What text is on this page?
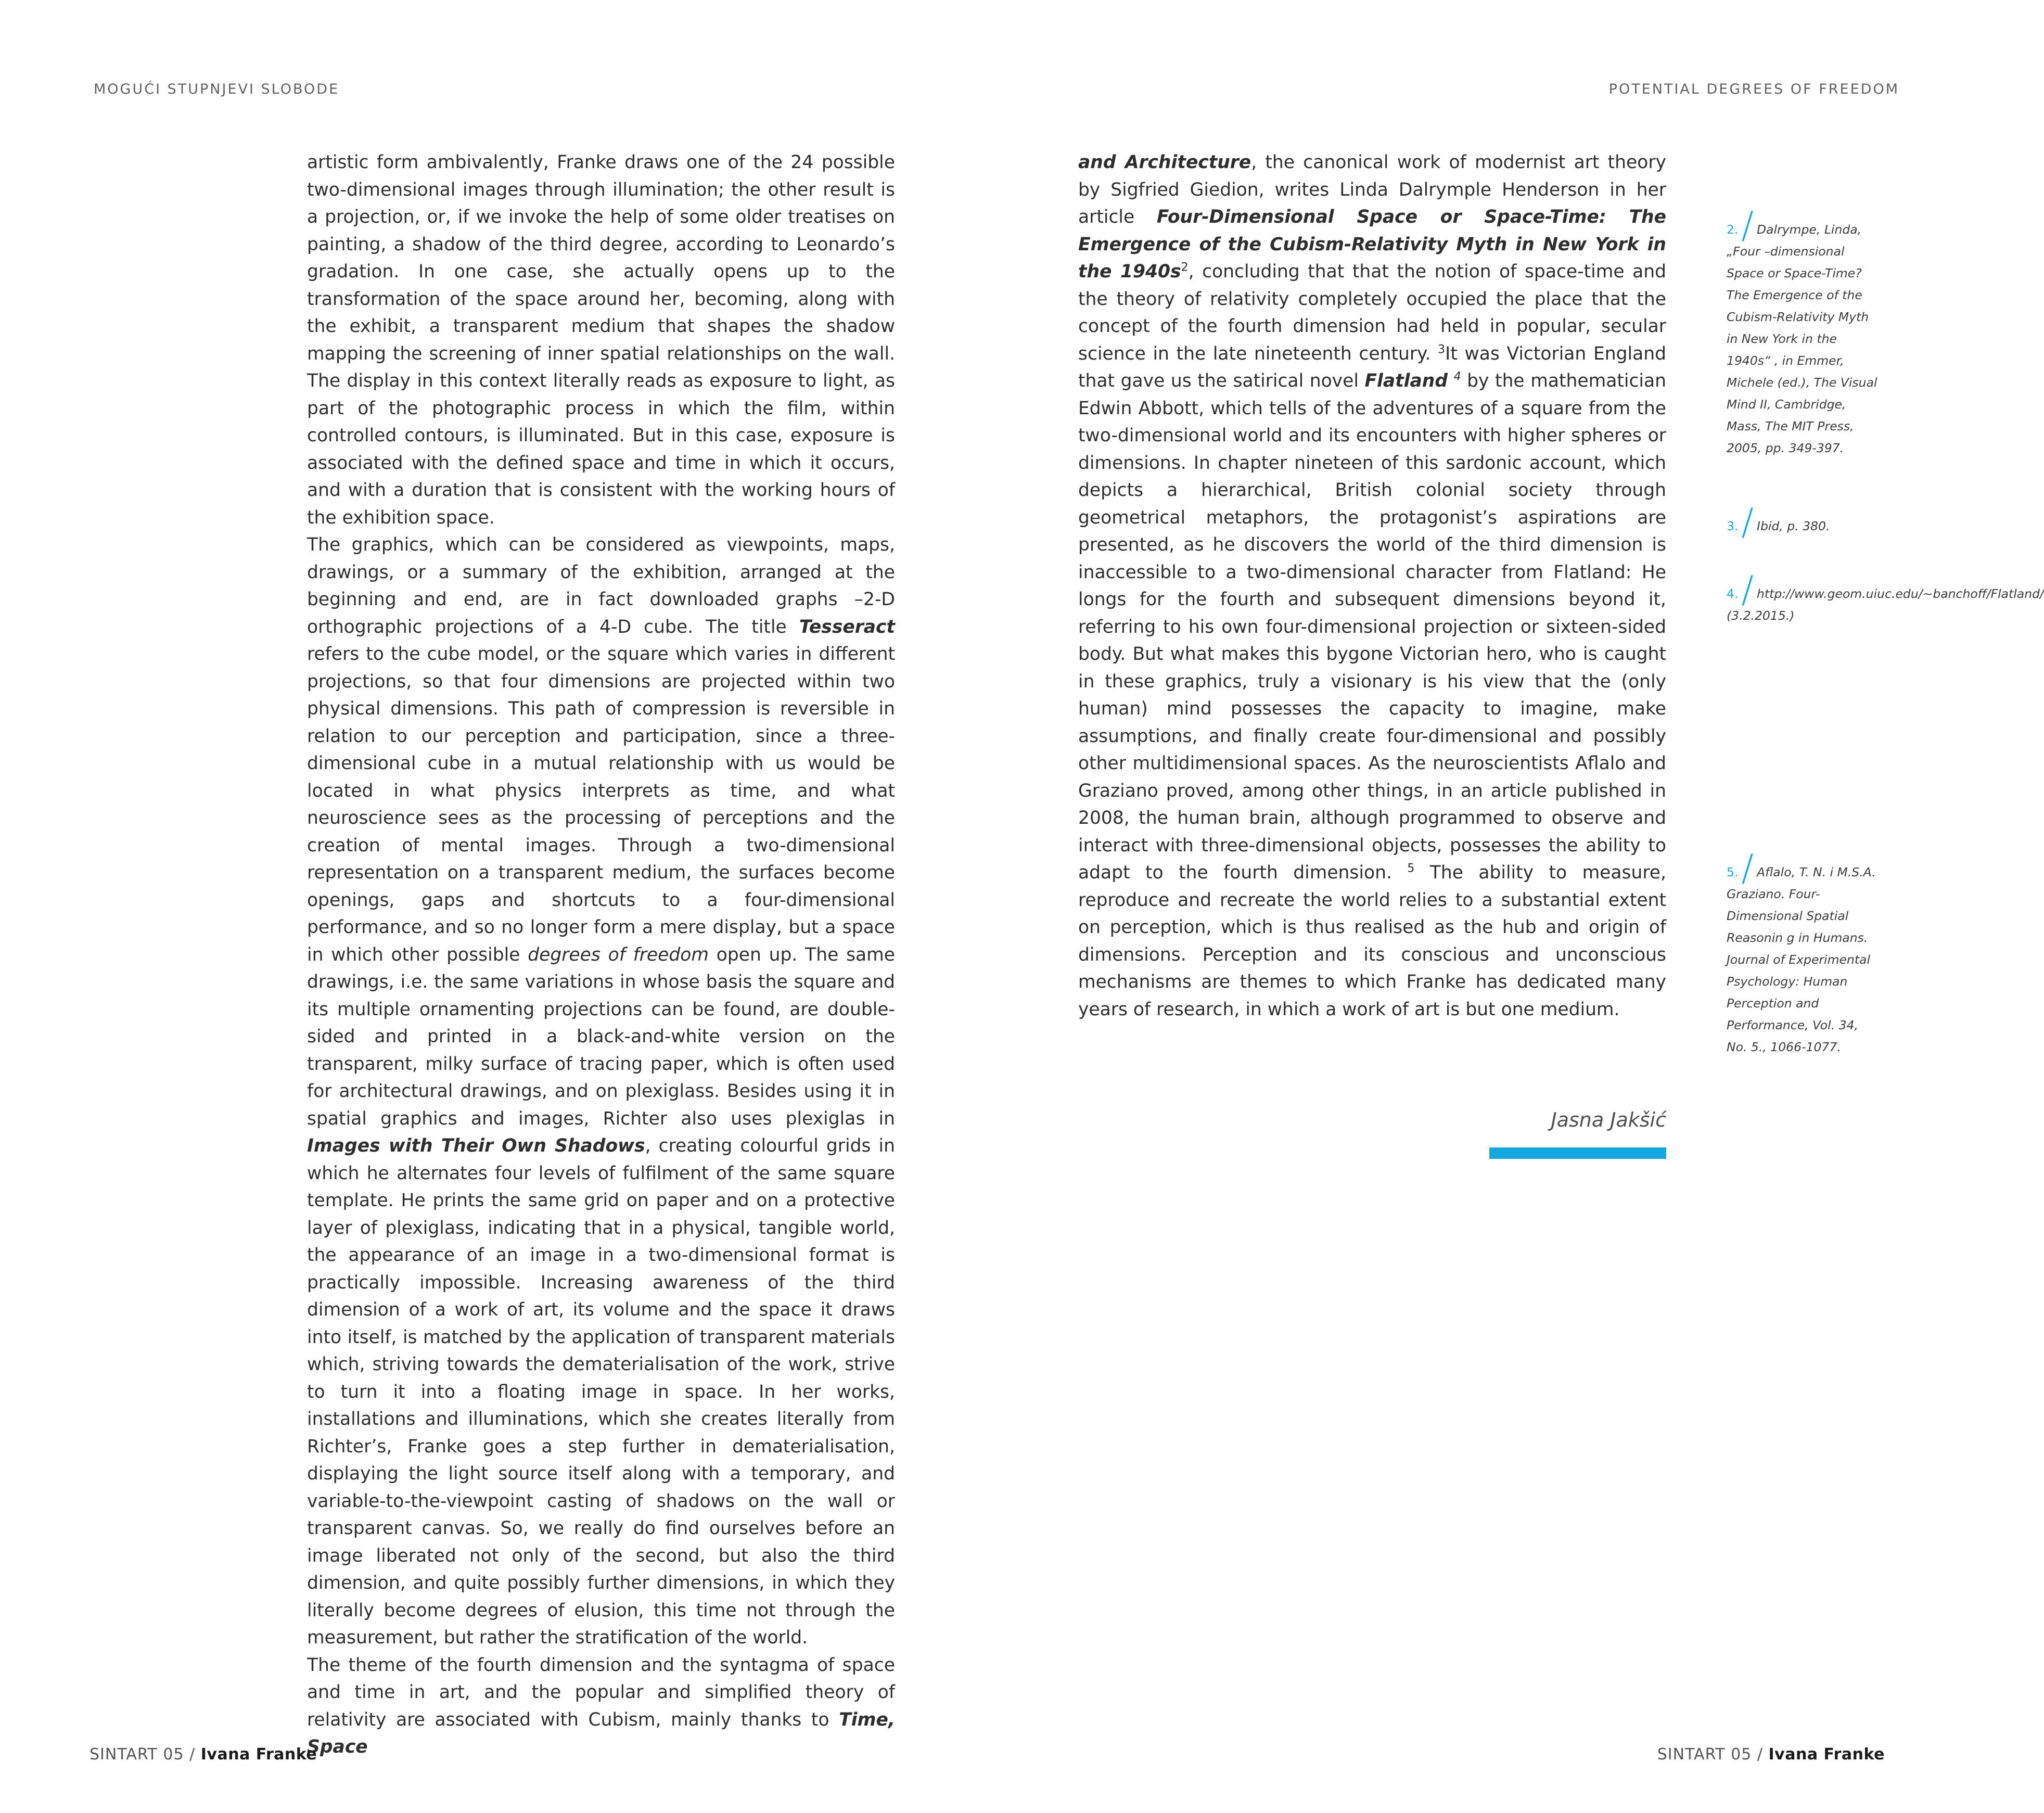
MOGUĆI STUPNJEVI SLOBODE	POTENTIAL DEGREES OF FREEDOM

artistic form ambivalently, Franke draws one of the 24 possible two-dimensional images through illumination; the other result is a projection, or, if we invoke the help of some older treatises on painting, a shadow of the third degree, according to Leonardo’s gradation. In one case, she actually opens up to the transformation of the space around her, becoming, along with the exhibit, a transparent medium that shapes the shadow mapping the screening of inner spatial relationships on the wall. The display in this context literally reads as exposure to light, as part of the photographic process in which the film, within controlled contours, is illuminated. But in this case, exposure is associated with the defined space and time in which it occurs, and with a duration that is consistent with the working hours of the exhibition space.

The graphics, which can be considered as viewpoints, maps, drawings, or a summary of the exhibition, arranged at the beginning and end, are in fact downloaded graphs –2-D orthographic projections of a 4-D cube. The title Tesseract refers to the cube model, or the square which varies in different projections, so that four dimensions are projected within two physical dimensions. This path of compression is reversible in relation to our perception and participation, since a three-dimensional cube in a mutual relationship with us would be located in what physics interprets as time, and what neuroscience sees as the processing of perceptions and the creation of mental images. Through a two-dimensional representation on a transparent medium, the surfaces become openings, gaps and shortcuts to a four-dimensional performance, and so no longer form a mere display, but a space in which other possible degrees of freedom open up. The same drawings, i.e. the same variations in whose basis the square and its multiple ornamenting projections can be found, are double-sided and printed in a black-and-white version on the transparent, milky surface of tracing paper, which is often used for architectural drawings, and on plexiglass. Besides using it in spatial graphics and images, Richter also uses plexiglas in Images with Their Own Shadows, creating colourful grids in which he alternates four levels of fulfilment of the same square template. He prints the same grid on paper and on a protective layer of plexiglass, indicating that in a physical, tangible world, the appearance of an image in a two-dimensional format is practically impossible. Increasing awareness of the third dimension of a work of art, its volume and the space it draws into itself, is matched by the application of transparent materials which, striving towards the dematerialisation of the work, strive to turn it into a floating image in space. In her works, installations and illuminations, which she creates literally from Richter’s, Franke goes a step further in dematerialisation, displaying the light source itself along with a temporary, and variable-to-the-viewpoint casting of shadows on the wall or transparent canvas. So, we really do find ourselves before an image liberated not only of the second, but also the third dimension, and quite possibly further dimensions, in which they literally become degrees of elusion, this time not through the measurement, but rather the stratification of the world.

The theme of the fourth dimension and the syntagma of space and time in art, and the popular and simplified theory of relativity are associated with Cubism, mainly thanks to Time, Space

and Architecture, the canonical work of modernist art theory by Sigfried Giedion, writes Linda Dalrymple Henderson in her article Four-Dimensional Space or Space-Time: The Emergence of the Cubism-Relativity Myth in New York in the $1940s^2$, concluding that that the notion of space-time and the theory of relativity completely occupied the place that the concept of the fourth dimension had held in popular, secular science in the late nineteenth century. $^3$It was Victorian England that gave us the satirical novel Flatland $^4$ by the mathematician Edwin Abbott, which tells of the adventures of a square from the two-dimensional world and its encounters with higher spheres or dimensions. In chapter nineteen of this sardonic account, which depicts a hierarchical, British colonial society through geometrical metaphors, the protagonist’s aspirations are presented, as he discovers the world of the third dimension is inaccessible to a two-dimensional character from Flatland: He longs for the fourth and subsequent dimensions beyond it, referring to his own four-dimensional projection or sixteen-sided body. But what makes this bygone Victorian hero, who is caught in these graphics, truly a visionary is his view that the (only human) mind possesses the capacity to imagine, make assumptions, and finally create four-dimensional and possibly other multidimensional spaces. As the neuroscientists Aflalo and Graziano proved, among other things, in an article published in 2008, the human brain, although programmed to observe and interact with three-dimensional objects, possesses the ability to adapt to the fourth dimension. $^5$ The ability to measure, reproduce and recreate the world relies to a substantial extent on perception, which is thus realised as the hub and origin of dimensions. Perception and its conscious and unconscious mechanisms are themes to which Franke has dedicated many years of research, in which a work of art is but one medium.

Jasna Jakšić
2./ Dalrympe, Linda, „Four –dimensional Space or Space-Time? The Emergence of the Cubism-Relativity Myth in New York in the 1940s“ , in Emmer, Michele (ed.), The Visual Mind II, Cambridge, Mass, The MIT Press, 2005, pp. 349-397.
3./ Ibid, p. 380.
4./ http://www.geom.uiuc.edu/~banchoff/Flatland/ (3.2.2015.)
5./ Aflalo, T. N. i M.S.A. Graziano. Four-Dimensional Spatial Reasonin g in Humans. Journal of Experimental Psychology: Human Perception and Performance, Vol. 34, No. 5., 1066-1077.
SINTART 05 / Ivana Franke	SINTART 05 / Ivana Franke
